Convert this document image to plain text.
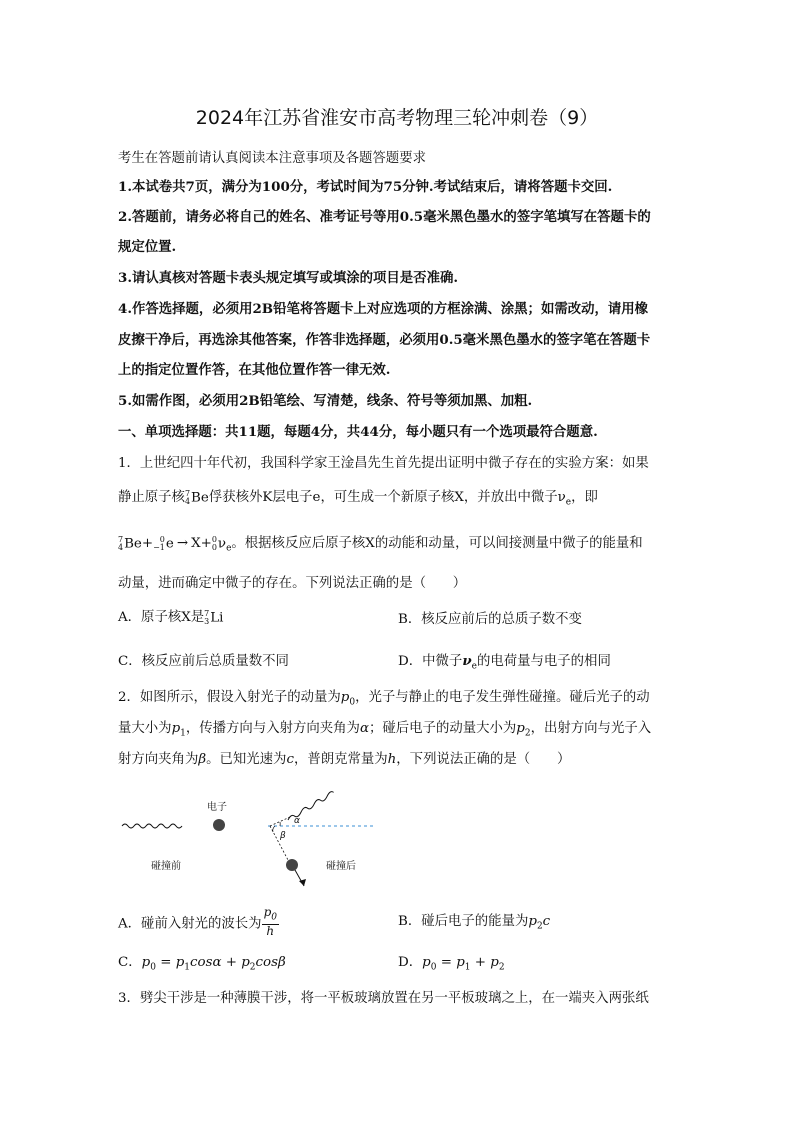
2024年江苏省淮安市高考物理三轮冲刺卷（9）
考生在答题前请认真阅读本注意事项及各题答题要求
1.本试卷共7页，满分为100分，考试时间为75分钟.考试结束后，请将答题卡交回.
2.答题前，请务必将自己的姓名、准考证号等用0.5毫米黑色墨水的签字笔填写在答题卡的
规定位置.
3.请认真核对答题卡表头规定填写或填涂的项目是否准确.
4.作答选择题，必须用2B铅笔将答题卡上对应选项的方框涂满、涂黑；如需改动，请用橡
皮擦干净后，再选涂其他答案，作答非选择题，必须用0.5毫米黑色墨水的签字笔在答题卡
上的指定位置作答，在其他位置作答一律无效.
5.如需作图，必须用2B铅笔绘、写清楚，线条、符号等须加黑、加粗.
一、单项选择题：共11题，每题4分，共44分，每小题只有一个选项最符合题意.
1．上世纪四十年代初，我国科学家王淦昌先生首先提出证明中微子存在的实验方案：如果
静止原子核7
4Be俘获核外K层电子e，可生成一个新原子核X，并放出中微子$\nu_e$，即
7
4Be+ 0
−1e → X+0
$0\nu_e$。根据核反应后原子核X的动能和动量，可以间接测量中微子的能量和
动量，进而确定中微子的存在。下列说法正确的是（　　）
A．原子核X是7
3Li	B．核反应前后的总质子数不变
C．核反应前后总质量数不同	D．中微子$\nu_e$的电荷量与电子的相同
2．如图所示，假设入射光子的动量为$p_0$，光子与静止的电子发生弹性碰撞。碰后光子的动
量大小为$p_1$，传播方向与入射方向夹角为α；碰后电子的动量大小为$p_2$，出射方向与光子入
射方向夹角为β。已知光速为c，普朗克常量为h，下列说法正确的是（　　）
电子
α
β
碰撞前	碰撞后
A．碰前入射光的波长为 $\frac{p_0}{h}$	B．碰后电子的能量为$p_2c$
C．$p_0 = p_1\cos\alpha + p_2\cos\beta$	D．$p_0 = p_1 + p_2$
3．劈尖干涉是一种薄膜干涉，将一平板玻璃放置在另一平板玻璃之上，在一端夹入两张纸
